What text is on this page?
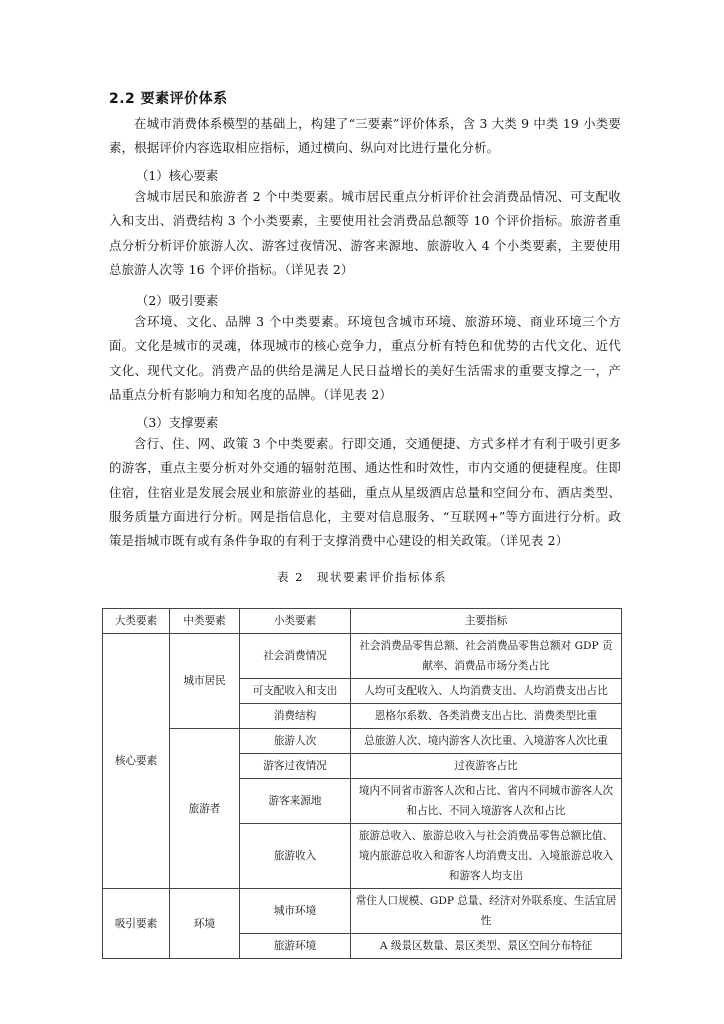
2.2 要素评价体系
在城市消费体系模型的基础上，构建了“三要素”评价体系，含 3 大类 9 中类 19 小类要素，根据评价内容选取相应指标，通过横向、纵向对比进行量化分析。
（1）核心要素
含城市居民和旅游者 2 个中类要素。城市居民重点分析评价社会消费品情况、可支配收入和支出、消费结构 3 个小类要素，主要使用社会消费品总额等 10 个评价指标。旅游者重点分析分析评价旅游人次、游客过夜情况、游客来源地、旅游收入 4 个小类要素，主要使用总旅游人次等 16 个评价指标。（详见表 2）
（2）吸引要素
含环境、文化、品牌 3 个中类要素。环境包含城市环境、旅游环境、商业环境三个方面。文化是城市的灵魂，体现城市的核心竞争力，重点分析有特色和优势的古代文化、近代文化、现代文化。消费产品的供给是满足人民日益增长的美好生活需求的重要支撑之一，产品重点分析有影响力和知名度的品牌。（详见表 2）
（3）支撑要素
含行、住、网、政策 3 个中类要素。行即交通，交通便捷、方式多样才有利于吸引更多的游客，重点主要分析对外交通的辐射范围、通达性和时效性，市内交通的便捷程度。住即住宿，住宿业是发展会展业和旅游业的基础，重点从星级酒店总量和空间分布、酒店类型、服务质量方面进行分析。网是指信息化，主要对信息服务、“互联网+”等方面进行分析。政策是指城市既有或有条件争取的有利于支撑消费中心建设的相关政策。（详见表 2）
表 2　现状要素评价指标体系
大类要素	中类要素	小类要素	主要指标
核心要素	城市居民	社会消费情况	社会消费品零售总额、社会消费品零售总额对 GDP 贡献率、消费品市场分类占比
		可支配收入和支出	人均可支配收入、人均消费支出、人均消费支出占比
		消费结构	恩格尔系数、各类消费支出占比、消费类型比重
	旅游者	旅游人次	总旅游人次、境内游客人次比重、入境游客人次比重
		游客过夜情况	过夜游客占比
		游客来源地	境内不同省市游客人次和占比、省内不同城市游客人次和占比、不同入境游客人次和占比
		旅游收入	旅游总收入、旅游总收入与社会消费品零售总额比值、境内旅游总收入和游客人均消费支出、入境旅游总收入和游客人均支出
吸引要素	环境	城市环境	常住人口规模、GDP 总量、经济对外联系度、生活宜居性
		旅游环境	A 级景区数量、景区类型、景区空间分布特征
